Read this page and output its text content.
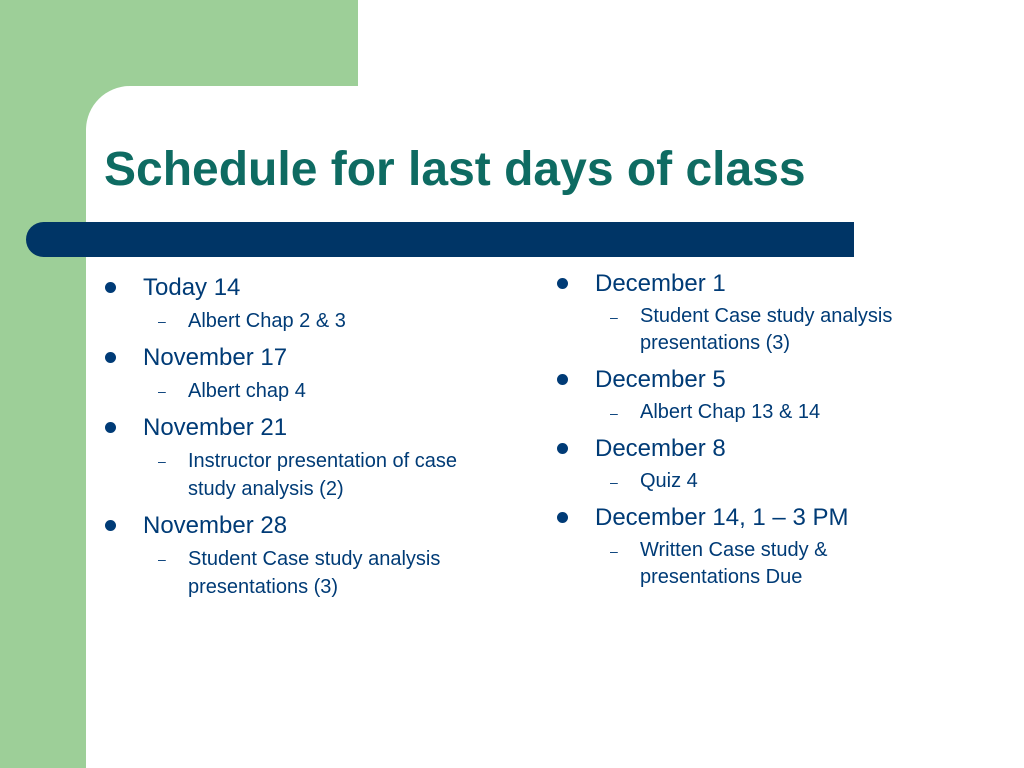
Schedule for last days of class
Today 14
– Albert Chap 2 & 3
November 17
– Albert chap 4
November 21
– Instructor presentation of case study analysis (2)
November 28
– Student Case study analysis presentations (3)
December 1
– Student Case study analysis presentations (3)
December 5
– Albert Chap 13 & 14
December 8
– Quiz 4
December 14, 1 – 3 PM
– Written Case study & presentations Due
